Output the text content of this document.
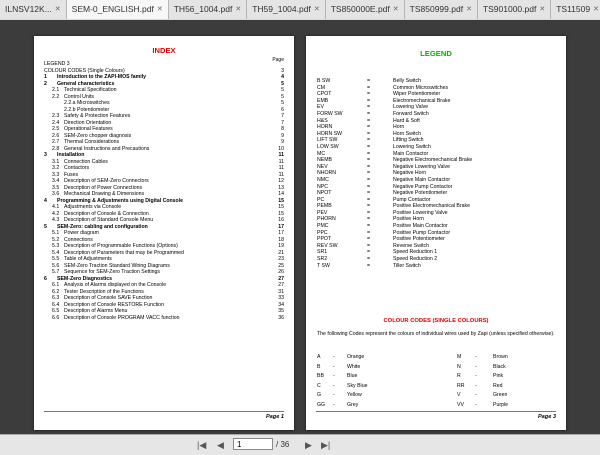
ILNSV12K... ✕ SEM-0_ENGLISH.pdf ✕ TH56_1004.pdf ✕ TH59_1004.pdf ✕ TS850000E.pdf ✕ TS850999.pdf ✕ TS901000.pdf ✕ TS11509 ✕
INDEX
Page
LEGEND 3
COLOUR CODES (Single Colours)	3
1 Introduction to the ZAPI-MOS family	4
2 General characteristics	5
2.1 Technical Specification	5
2.2 Control Units	5
2.2.a Microswitches	5
2.2.b Potentiometer	6
2.3 Safety & Protection Features	7
2.4 Direction Orientation	7
2.5 Operational Features	8
2.6 SEM-Zero chopper diagnosis	9
2.7 Thermal Considerations	9
2.8 General Instructions and Precautions	10
3 Installation	11
3.1 Connection Cables	11
3.2 Contactors	11
3.3 Fuses	11
3.4 Description of SEM-Zero Connectors	12
3.5 Description of Power Connections	13
3.6 Mechanical Drawing & Dimensions	14
4 Programming & Adjustments using Digital Console	15
4.1 Adjustments via Console	15
4.2 Description of Console & Connection	15
4.3 Description of Standard Console Menu	16
5 SEM-Zero: cabling and configuration	17
5.1 Power diagram	17
5.2 Connections	18
5.3 Description of Programmable Functions (Options)	19
5.4 Description of Parameters that may be Programmed	21
5.5 Table of Adjustments	23
5.6 SEM-Zero Traction Standard Wiring Diagrams	25
5.7 Sequence for SEM-Zero Traction Settings	26
6 SEM-Zero Diagnostics	27
6.1 Analysis of Alarms displayed on the Console	27
6.2 Tester Description of the Functions	31
6.3 Description of Console SAVE Function	33
6.4 Description of Console RESTORE Function	34
6.5 Description of Alarms Menu	35
6.6 Description of Console PROGRAM VACC function	36
Page 1
LEGEND
B SW	=	Belly Switch
CM	=	Common Microswitches
CPOT	=	Wiper Potentiometer
EMB	=	Electromechanical Brake
EV	=	Lowering Valve
FORW SW	=	Forward Switch
H&S	=	Hard & Soft
HORN	=	Horn
HORN SW	=	Horn Switch
LIFT SW	=	Lifting Switch
LOW SW	=	Lowering Switch
MC	=	Main Contactor
NEMB	=	Negative Electromechanical Brake
NEV	=	Negative Lowering Valve
NHORN	=	Negative Horn
NMC	=	Negative Main Contactor
NPC	=	Negative Pump Contactor
NPOT	=	Negative Potentiometer
PC	=	Pump Contactor
PEMB	=	Positive Electromechanical Brake
PEV	=	Positive Lowering Valve
PHORN	=	Positive Horn
PMC	=	Positive Main Contactor
PPC	=	Positive Pump Contactor
PPOT	=	Positive Potentiometer
REV SW	=	Reverse Switch
SR1	=	Speed Reduction 1
SR2	=	Speed Reduction 2
T SW	=	Tiller Switch
COLOUR CODES (SINGLE COLOURS)
The following Codes represent the colours of individual wires used by Zapi (unless specified otherwise).
A - Orange	M	-	Brown
B - White	N	-	Black
BB - Blue	R	-	Pink
C - Sky Blue	RR -	Red
G - Yellow	V	-	Green
GG - Grey	VV -	Purple
Page 3
|◀ ◀	1	/ 36 ▶ ▶|
